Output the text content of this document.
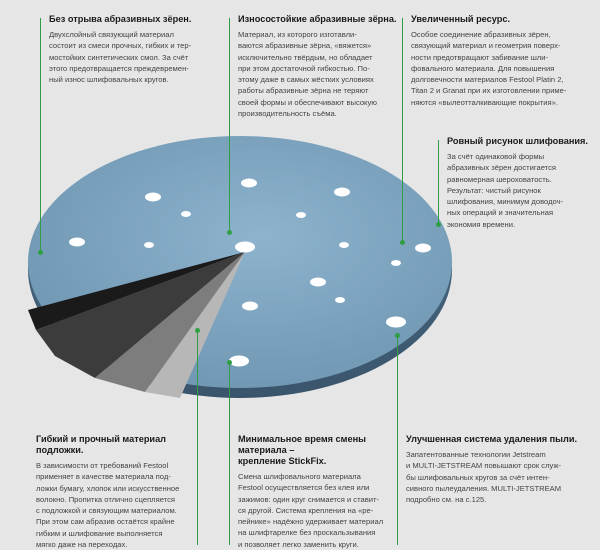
Без отрыва абразивных зёрен.

Двухслойный связующий материал
состоит из смеси прочных, гибких и тер-
мостойких синтетических смол. За счёт
этого предотвращается преждевремен-
ный износ шлифовальных кругов.

Износостойкие абразивные зёрна.

Материал, из которого изготавли-
ваются абразивные зёрна, «вяжется»
исключительно твёрдым, но обладает
при этом достаточной гибкостью. По-
этому даже в самых жёстких условиях
работы абразивные зёрна не теряют
своей формы и обеспечивают высокую
производительность съёма.

Увеличенный ресурс.

Особое соединение абразивных зёрен,
связующий материал и геометрия поверх-
ности предотвращают забивание шли-
фовального материала. Для повышения
долговечности материалов Festool Platin 2,
Titan 2 и Granat при их изготовлении приме-
няются «вылеотталкивающие покрытия».

Ровный рисунок шлифования.

За счёт одинаковой формы
абразивных зёрен достигается
равномерная шероховатость.
Результат: чистый рисунок
шлифования, минимум доводоч-
ных операций и значительная
экономия времени.

Гибкий и прочный материал подложки.

В зависимости от требований Festool
применяет в качестве материала под-
ложки бумагу, хлопок или искусственное
волокно. Пропитка отлично сцепляется
с подложкой и связующим материалом.
При этом сам абразив остаётся крайне
гибким и шлифование выполняется
мягко даже на переходах.

Минимальное время смены материала –
крепление StickFix.

Смена шлифовального материала
Festool осуществляется без клея или
зажимов: один круг снимается и ставит-
ся другой. Система крепления на «ре-
пейнике» надёжно удерживает материал
на шлифтарелке без проскальзывания
и позволяет легко заменить круги.

Улучшенная система удаления пыли.

Запатентованные технологии Jetstream
и MULTI-JETSTREAM повышают срок служ-
бы шлифовальных кругов за счёт интен-
сивного пылеудаления. MULTI-JETSTREAM
подробно см. на с.125.
